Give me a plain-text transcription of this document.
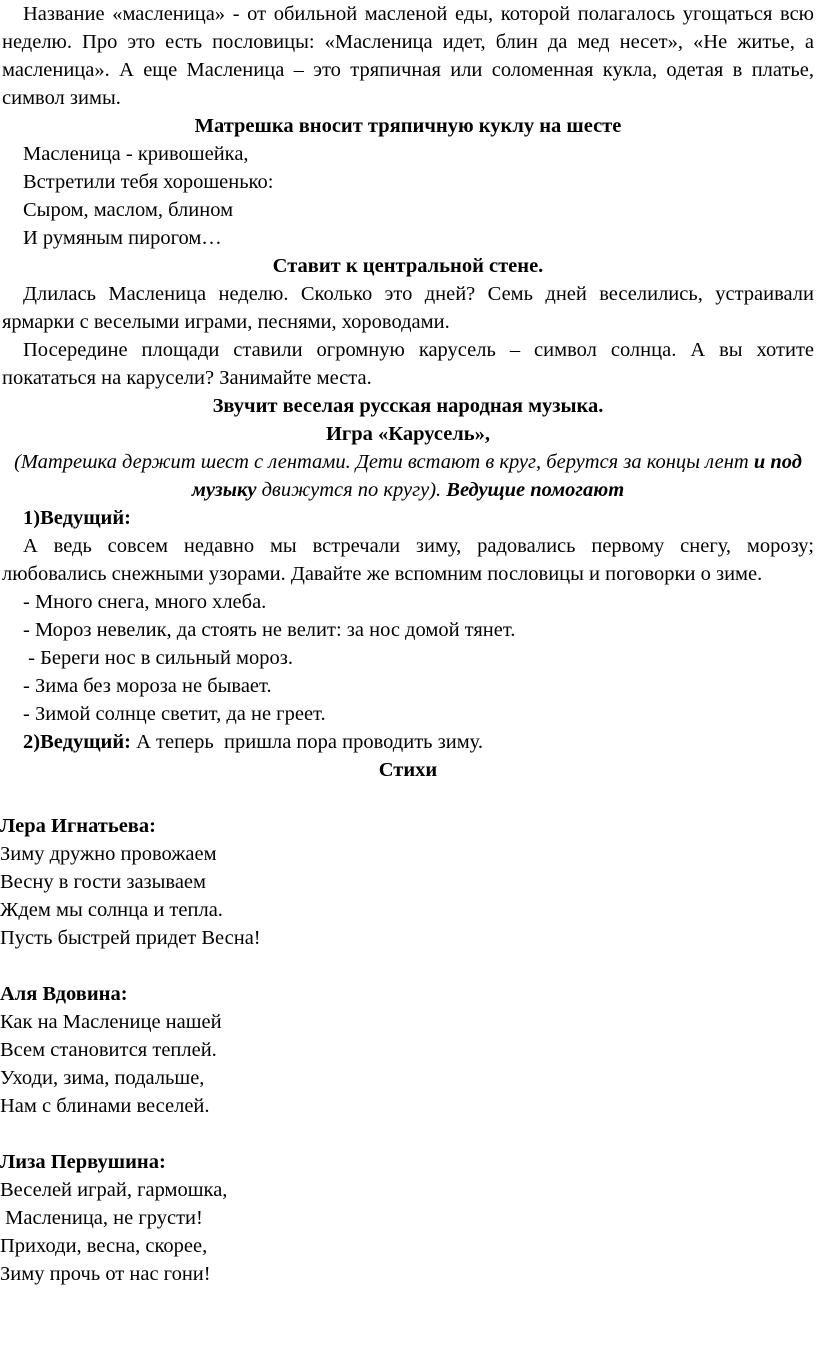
Название «масленица» - от обильной масленой еды, которой полагалось угощаться всю неделю. Про это есть пословицы: «Масленица идет, блин да мед несет», «Не житье, а масленица». А еще Масленица – это тряпичная или соломенная кукла, одетая в платье, символ зимы.

Матрешка вносит тряпичную куклу на шесте

Масленица - кривошейка,

Встретили тебя хорошенько:

Сыром, маслом, блином

И румяным пирогом…

Ставит к центральной стене.

Длилась Масленица неделю. Сколько это дней? Семь дней веселились, устраивали ярмарки с веселыми играми, песнями, хороводами.

Посередине площади ставили огромную карусель – символ солнца. А вы хотите покататься на карусели? Занимайте места.

Звучит веселая русская народная музыка.

Игра «Карусель»,

(Матрешка держит шест с лентами. Дети встают в круг, берутся за концы лент и под музыку движутся по кругу). Ведущие помогают

1)Ведущий:

А ведь совсем недавно мы встречали зиму, радовались первому снегу, морозу; любовались снежными узорами. Давайте же вспомним пословицы и поговорки о зиме.

- Много снега, много хлеба.

- Мороз невелик, да стоять не велит: за нос домой тянет.

- Береги нос в сильный мороз.

- Зима без мороза не бывает.

- Зимой солнце светит, да не греет.

2)Ведущий: А теперь  пришла пора проводить зиму.

Стихи

Лера Игнатьева:

Зиму дружно провожаем

Весну в гости зазываем

Ждем мы солнца и тепла.

Пусть быстрей придет Весна!

Аля Вдовина:

Как на Масленице нашей

Всем становится теплей.

Уходи, зима, подальше,

Нам с блинами веселей.

Лиза Первушина:

Веселей играй, гармошка,

Масленица, не грусти!

Приходи, весна, скорее,

Зиму прочь от нас гони!
